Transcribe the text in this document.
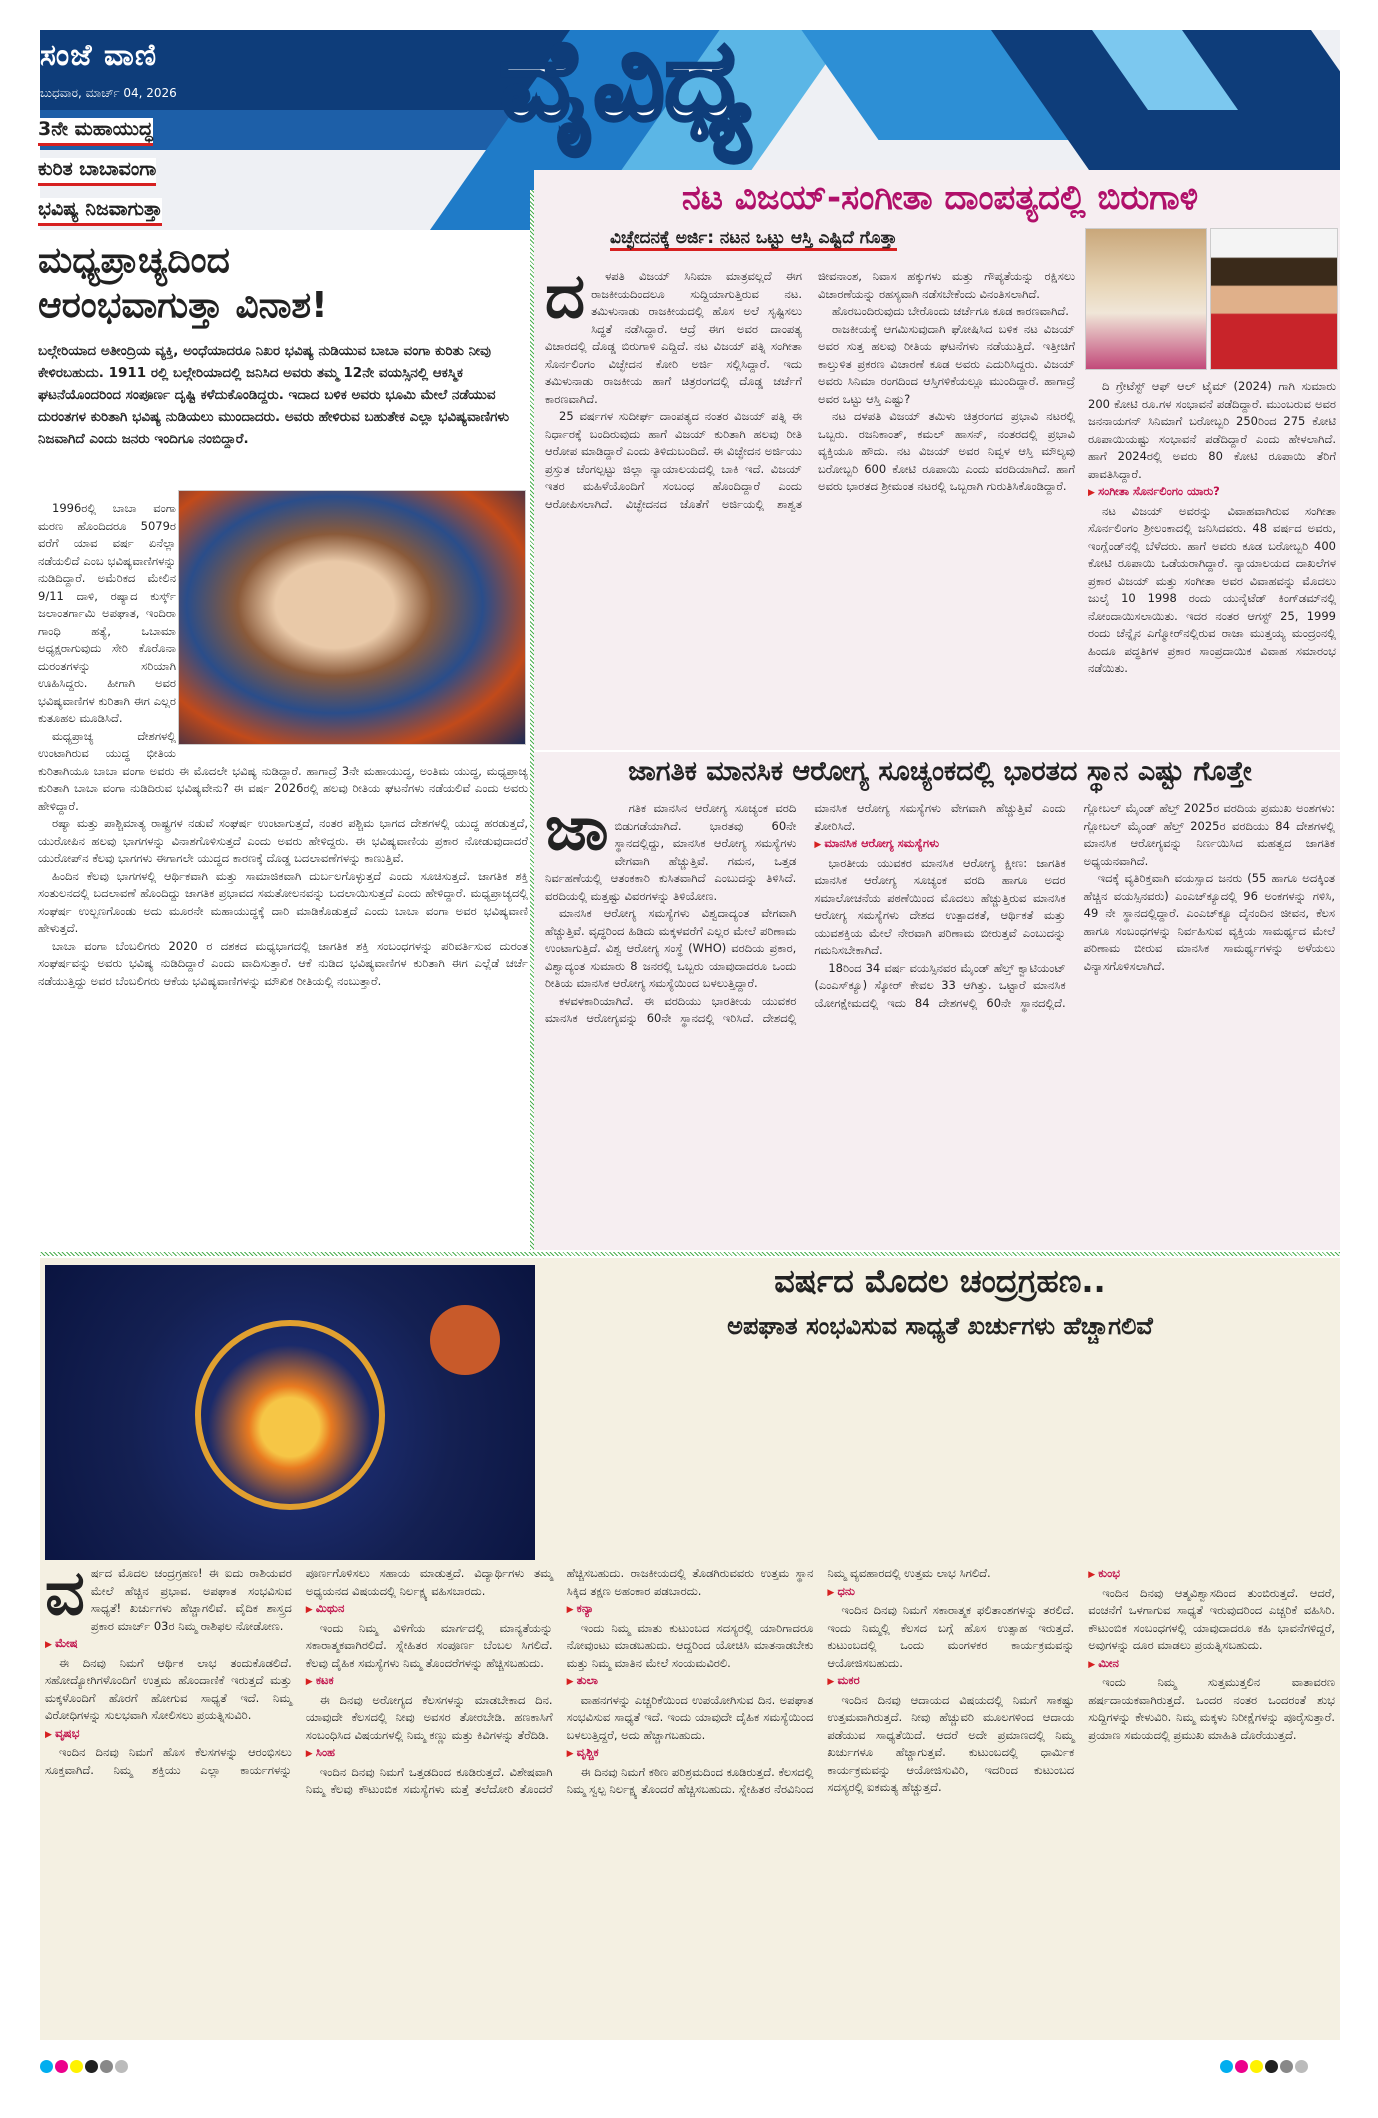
ಸಂಜೆ ವಾಣಿ
ಬುಧವಾರ, ಮಾರ್ಚ್ 04, 2026	ವೈವಿಧ್ಯ
3ನೇ ಮಹಾಯುದ್ಧ
ಕುರಿತ ಬಾಬಾವಂಗಾ
ಭವಿಷ್ಯ ನಿಜವಾಗುತ್ತಾ
ಮಧ್ಯಪ್ರಾಚ್ಯದಿಂದ
ಆರಂಭವಾಗುತ್ತಾ ವಿನಾಶ!
ಬಲ್ಗೇರಿಯಾದ ಅತೀಂದ್ರಿಯ ವ್ಯಕ್ತಿ, ಅಂಧೆಯಾದರೂ ನಿಖರ ಭವಿಷ್ಯ ನುಡಿಯುವ ಬಾಬಾ ವಂಗಾ ಕುರಿತು ನೀವು ಕೇಳಿರಬಹುದು. 1911 ರಲ್ಲಿ ಬಲ್ಗೇರಿಯಾದಲ್ಲಿ ಜನಿಸಿದ ಅವರು ತಮ್ಮ 12ನೇ ವಯಸ್ಸಿನಲ್ಲಿ ಆಕಸ್ಮಿಕ ಘಟನೆಯೊಂದರಿಂದ ಸಂಪೂರ್ಣ ದೃಷ್ಟಿ ಕಳೆದುಕೊಂಡಿದ್ದರು. ಇದಾದ ಬಳಿಕ ಅವರು ಭೂಮಿ ಮೇಲೆ ನಡೆಯುವ ದುರಂತಗಳ ಕುರಿತಾಗಿ ಭವಿಷ್ಯ ನುಡಿಯಲು ಮುಂದಾದರು. ಅವರು ಹೇಳಿರುವ ಬಹುತೇಕ ಎಲ್ಲಾ ಭವಿಷ್ಯವಾಣಿಗಳು ನಿಜವಾಗಿದೆ ಎಂದು ಜನರು ಇಂದಿಗೂ ನಂಬಿದ್ದಾರೆ.

1996ರಲ್ಲಿ ಬಾಬಾ ವಂಗಾ ಮರಣ ಹೊಂದಿದರೂ 5079ರ ವರೆಗೆ ಯಾವ ವರ್ಷ ಏನೆಲ್ಲಾ ನಡೆಯಲಿದೆ ಎಂಬ ಭವಿಷ್ಯವಾಣಿಗಳನ್ನು ನುಡಿದಿದ್ದಾರೆ. ಅಮೆರಿಕದ ಮೇಲಿನ 9/11 ದಾಳಿ, ರಷ್ಯಾದ ಕುರ್ಸ್ಕ್ ಜಲಾಂತರ್ಗಾಮಿ ಅಪಘಾತ, ಇಂದಿರಾ ಗಾಂಧಿ ಹತ್ಯೆ, ಒಬಾಮಾ ಅಧ್ಯಕ್ಷರಾಗುವುದು ಸೇರಿ ಕೊರೊನಾ ದುರಂತಗಳನ್ನು ಸರಿಯಾಗಿ ಊಹಿಸಿದ್ದರು. ಹೀಗಾಗಿ ಅವರ ಭವಿಷ್ಯವಾಣಿಗಳ ಕುರಿತಾಗಿ ಈಗ ಎಲ್ಲರ ಕುತೂಹಲ ಮೂಡಿಸಿದೆ.

ಮಧ್ಯಪ್ರಾಚ್ಯ ದೇಶಗಳಲ್ಲಿ ಉಂಟಾಗಿರುವ ಯುದ್ಧ ಭೀತಿಯ ಕುರಿತಾಗಿಯೂ ಬಾಬಾ ವಂಗಾ ಅವರು ಈ ಮೊದಲೇ ಭವಿಷ್ಯ ನುಡಿದ್ದಾರೆ. ಹಾಗಾದ್ರೆ 3ನೇ ಮಹಾಯುದ್ಧ, ಅಂತಿಮ ಯುದ್ಧ, ಮಧ್ಯಪ್ರಾಚ್ಯ ಕುರಿತಾಗಿ ಬಾಬಾ ವಂಗಾ ನುಡಿದಿರುವ ಭವಿಷ್ಯವೇನು? ಈ ವರ್ಷ 2026ರಲ್ಲಿ ಹಲವು ರೀತಿಯ ಘಟನೆಗಳು ನಡೆಯಲಿವೆ ಎಂದು ಅವರು ಹೇಳಿದ್ದಾರೆ.

ರಷ್ಯಾ ಮತ್ತು ಪಾಶ್ಚಿಮಾತ್ಯ ರಾಷ್ಟ್ರಗಳ ನಡುವೆ ಸಂಘರ್ಷ ಉಂಟಾಗುತ್ತದೆ, ನಂತರ ಪಶ್ಚಿಮ ಭಾಗದ ದೇಶಗಳಲ್ಲಿ ಯುದ್ಧ ಹರಡುತ್ತದೆ, ಯುರೋಪಿನ ಹಲವು ಭಾಗಗಳನ್ನು ವಿನಾಶಗೊಳಿಸುತ್ತದೆ ಎಂದು ಅವರು ಹೇಳಿದ್ದರು. ಈ ಭವಿಷ್ಯವಾಣಿಯ ಪ್ರಕಾರ ನೋಡುವುದಾದರೆ ಯುರೋಪ್‌ನ ಕೆಲವು ಭಾಗಗಳು ಈಗಾಗಲೇ ಯುದ್ಧದ ಕಾರಣಕ್ಕೆ ದೊಡ್ಡ ಬದಲಾವಣೆಗಳನ್ನು ಕಾಣುತ್ತಿವೆ.

ಹಿಂದಿನ ಕೆಲವು ಭಾಗಗಳಲ್ಲಿ ಆರ್ಥಿಕವಾಗಿ ಮತ್ತು ಸಾಮಾಜಿಕವಾಗಿ ದುರ್ಬಲಗೊಳ್ಳುತ್ತದೆ ಎಂದು ಸೂಚಿಸುತ್ತದೆ. ಜಾಗತಿಕ ಶಕ್ತಿ ಸಂತುಲನದಲ್ಲಿ ಬದಲಾವಣೆ ಹೊಂದಿದ್ದು ಜಾಗತಿಕ ಪ್ರಭಾವದ ಸಮತೋಲನವನ್ನು ಬದಲಾಯಿಸುತ್ತದೆ ಎಂದು ಹೇಳಿದ್ದಾರೆ. ಮಧ್ಯಪ್ರಾಚ್ಯದಲ್ಲಿ ಸಂಘರ್ಷ ಉಲ್ಬಣಗೊಂಡು ಅದು ಮೂರನೇ ಮಹಾಯುದ್ಧಕ್ಕೆ ದಾರಿ ಮಾಡಿಕೊಡುತ್ತದೆ ಎಂದು ಬಾಬಾ ವಂಗಾ ಅವರ ಭವಿಷ್ಯವಾಣಿ ಹೇಳುತ್ತದೆ.

ಬಾಬಾ ವಂಗಾ ಬೆಂಬಲಿಗರು 2020 ರ ದಶಕದ ಮಧ್ಯಭಾಗದಲ್ಲಿ ಜಾಗತಿಕ ಶಕ್ತಿ ಸಂಬಂಧಗಳನ್ನು ಪರಿವರ್ತಿಸುವ ದುರಂತ ಸಂಘರ್ಷವನ್ನು ಅವರು ಭವಿಷ್ಯ ನುಡಿದಿದ್ದಾರೆ ಎಂದು ವಾದಿಸುತ್ತಾರೆ. ಆಕೆ ನುಡಿದ ಭವಿಷ್ಯವಾಣಿಗಳ ಕುರಿತಾಗಿ ಈಗ ಎಲ್ಲೆಡೆ ಚರ್ಚೆ ನಡೆಯುತ್ತಿದ್ದು ಅವರ ಬೆಂಬಲಿಗರು ಆಕೆಯ ಭವಿಷ್ಯವಾಣಿಗಳನ್ನು ಮೌಖಿಕ ರೀತಿಯಲ್ಲಿ ನಂಬುತ್ತಾರೆ.

ನಟ ವಿಜಯ್-ಸಂಗೀತಾ ದಾಂಪತ್ಯದಲ್ಲಿ ಬಿರುಗಾಳಿ
ವಿಚ್ಛೇದನಕ್ಕೆ ಅರ್ಜಿ: ನಟನ ಒಟ್ಟು ಆಸ್ತಿ ಎಷ್ಟಿದೆ ಗೊತ್ತಾ
ದ	ಳಪತಿ ವಿಜಯ್ ಸಿನಿಮಾ ಮಾತ್ರವಲ್ಲದೆ ಈಗ ರಾಜಕೀಯದಿಂದಲೂ ಸುದ್ದಿಯಾಗುತ್ತಿರುವ ನಟ. ತಮಿಳುನಾಡು ರಾಜಕೀಯದಲ್ಲಿ ಹೊಸ ಅಲೆ ಸೃಷ್ಟಿಸಲು ಸಿದ್ಧತೆ ನಡೆಸಿದ್ದಾರೆ. ಆದ್ರೆ ಈಗ ಅವರ ದಾಂಪತ್ಯ ವಿಚಾರದಲ್ಲಿ ದೊಡ್ಡ ಬಿರುಗಾಳಿ ಎದ್ದಿದೆ. ನಟ ವಿಜಯ್ ಪತ್ನಿ ಸಂಗೀತಾ ಸೊರ್ನಲಿಂಗಂ ವಿಚ್ಛೇದನ ಕೋರಿ ಅರ್ಜಿ ಸಲ್ಲಿಸಿದ್ದಾರೆ. ಇದು ತಮಿಳುನಾಡು ರಾಜಕೀಯ ಹಾಗೆ ಚಿತ್ರರಂಗದಲ್ಲಿ ದೊಡ್ಡ ಚರ್ಚೆಗೆ ಕಾರಣವಾಗಿದೆ.

25 ವರ್ಷಗಳ ಸುದೀರ್ಘ ದಾಂಪತ್ಯದ ನಂತರ ವಿಜಯ್ ಪತ್ನಿ ಈ ನಿರ್ಧಾರಕ್ಕೆ ಬಂದಿರುವುದು ಹಾಗೆ ವಿಜಯ್ ಕುರಿತಾಗಿ ಹಲವು ರೀತಿ ಆರೋಪ ಮಾಡಿದ್ದಾರೆ ಎಂದು ತಿಳಿದುಬಂದಿದೆ. ಈ ವಿಚ್ಛೇದನ ಅರ್ಜಿಯು ಪ್ರಸ್ತುತ ಚೆಂಗಲ್ಪಟ್ಟು ಜಿಲ್ಲಾ ನ್ಯಾಯಾಲಯದಲ್ಲಿ ಬಾಕಿ ಇದೆ. ವಿಜಯ್ ಇತರ ಮಹಿಳೆಯೊಂದಿಗೆ ಸಂಬಂಧ ಹೊಂದಿದ್ದಾರೆ ಎಂದು ಆರೋಪಿಸಲಾಗಿದೆ. ವಿಚ್ಛೇದನದ ಜೊತೆಗೆ ಅರ್ಜಿಯಲ್ಲಿ ಶಾಶ್ವತ ಜೀವನಾಂಶ, ನಿವಾಸ ಹಕ್ಕುಗಳು ಮತ್ತು ಗೌಪ್ಯತೆಯನ್ನು ರಕ್ಷಿಸಲು ವಿಚಾರಣೆಯನ್ನು ರಹಸ್ಯವಾಗಿ ನಡೆಸಬೇಕೆಂದು ವಿನಂತಿಸಲಾಗಿದೆ.

ಹೊರಬಂದಿರುವುದು ಬೇರೊಂದು ಚರ್ಚೆಗೂ ಕೂಡ ಕಾರಣವಾಗಿದೆ.

ರಾಜಕೀಯಕ್ಕೆ ಆಗಮಿಸುವುದಾಗಿ ಘೋಷಿಸಿದ ಬಳಿಕ ನಟ ವಿಜಯ್ ಅವರ ಸುತ್ತ ಹಲವು ರೀತಿಯ ಘಟನೆಗಳು ನಡೆಯುತ್ತಿದೆ. ಇತ್ತೀಚಿಗೆ ಕಾಲ್ತುಳಿತ ಪ್ರಕರಣ ವಿಚಾರಣೆ ಕೂಡ ಅವರು ಎದುರಿಸಿದ್ದರು. ವಿಜಯ್ ಅವರು ಸಿನಿಮಾ ರಂಗದಿಂದ ಆಸ್ತಿಗಳಿಕೆಯಲ್ಲೂ ಮುಂದಿದ್ದಾರೆ. ಹಾಗಾದ್ರೆ ಅವರ ಒಟ್ಟು ಆಸ್ತಿ ಎಷ್ಟು?

ನಟ ದಳಪತಿ ವಿಜಯ್ ತಮಿಳು ಚಿತ್ರರಂಗದ ಪ್ರಭಾವಿ ನಟರಲ್ಲಿ ಒಬ್ಬರು. ರಜನಿಕಾಂತ್, ಕಮಲ್ ಹಾಸನ್, ನಂತರದಲ್ಲಿ ಪ್ರಭಾವಿ ವ್ಯಕ್ತಿಯೂ ಹೌದು. ನಟ ವಿಜಯ್ ಅವರ ನಿವ್ವಳ ಆಸ್ತಿ ಮೌಲ್ಯವು ಬರೋಬ್ಬರಿ 600 ಕೋಟಿ ರೂಪಾಯಿ ಎಂದು ವರದಿಯಾಗಿದೆ. ಹಾಗೆ ಅವರು ಭಾರತದ ಶ್ರೀಮಂತ ನಟರಲ್ಲಿ ಒಬ್ಬರಾಗಿ ಗುರುತಿಸಿಕೊಂಡಿದ್ದಾರೆ.

ದಿ ಗ್ರೇಟೆಸ್ಟ್ ಆಫ್ ಆಲ್ ಟೈಮ್ (2024) ಗಾಗಿ ಸುಮಾರು 200 ಕೋಟಿ ರೂ.ಗಳ ಸಂಭಾವನೆ ಪಡೆದಿದ್ದಾರೆ. ಮುಂಬರುವ ಅವರ ಜನನಾಯಗನ್ ಸಿನಿಮಾಗೆ ಬರೋಬ್ಬರಿ 250ರಿಂದ 275 ಕೋಟಿ ರೂಪಾಯಿಯಷ್ಟು ಸಂಭಾವನೆ ಪಡೆದಿದ್ದಾರೆ ಎಂದು ಹೇಳಲಾಗಿದೆ. ಹಾಗೆ 2024ರಲ್ಲಿ ಅವರು 80 ಕೋಟಿ ರೂಪಾಯಿ ತೆರಿಗೆ ಪಾವತಿಸಿದ್ದಾರೆ.

▶ ಸಂಗೀತಾ ಸೊರ್ನಲಿಂಗಂ ಯಾರು?

ನಟ ವಿಜಯ್ ಅವರನ್ನು ವಿವಾಹವಾಗಿರುವ ಸಂಗೀತಾ ಸೊರ್ನಲಿಂಗಂ ಶ್ರೀಲಂಕಾದಲ್ಲಿ ಜನಿಸಿದವರು. 48 ವರ್ಷದ ಅವರು, ಇಂಗ್ಲೆಂಡ್‌ನಲ್ಲಿ ಬೆಳೆದರು. ಹಾಗೆ ಅವರು ಕೂಡ ಬರೋಬ್ಬರಿ 400 ಕೋಟಿ ರೂಪಾಯಿ ಒಡೆಯರಾಗಿದ್ದಾರೆ. ನ್ಯಾಯಾಲಯದ ದಾಖಲೆಗಳ ಪ್ರಕಾರ ವಿಜಯ್ ಮತ್ತು ಸಂಗೀತಾ ಅವರ ವಿವಾಹವನ್ನು ಮೊದಲು ಜುಲೈ 10 1998 ರಂದು ಯುನೈಟೆಡ್ ಕಿಂಗ್‌ಡಮ್‌ನಲ್ಲಿ ನೋಂದಾಯಿಸಲಾಯಿತು. ಇದರ ನಂತರ ಆಗಸ್ಟ್ 25, 1999 ರಂದು ಚೆನ್ನೈನ ಎಗ್ಮೋರ್‌ನಲ್ಲಿರುವ ರಾಜಾ ಮುತ್ತಯ್ಯ ಮಂದ್ರಂನಲ್ಲಿ ಹಿಂದೂ ಪದ್ಧತಿಗಳ ಪ್ರಕಾರ ಸಾಂಪ್ರದಾಯಿಕ ವಿವಾಹ ಸಮಾರಂಭ ನಡೆಯಿತು.

ಜಾಗತಿಕ ಮಾನಸಿಕ ಆರೋಗ್ಯ ಸೂಚ್ಯಂಕದಲ್ಲಿ ಭಾರತದ ಸ್ಥಾನ ಎಷ್ಟು ಗೊತ್ತೇ
ಜಾ	ಗತಿಕ ಮಾನಸಿನ ಆರೋಗ್ಯ ಸೂಚ್ಯಂಕ ವರದಿ ಬಿಡುಗಡೆಯಾಗಿದೆ. ಭಾರತವು 60ನೇ ಸ್ಥಾನದಲ್ಲಿದ್ದು, ಮಾನಸಿಕ ಆರೋಗ್ಯ ಸಮಸ್ಯೆಗಳು ವೇಗವಾಗಿ ಹೆಚ್ಚುತ್ತಿವೆ. ಗಮನ, ಒತ್ತಡ ನಿರ್ವಹಣೆಯಲ್ಲಿ ಆತಂಕಕಾರಿ ಕುಸಿತವಾಗಿದೆ ಎಂಬುದನ್ನು ತಿಳಿಸಿದೆ. ವರದಿಯಲ್ಲಿ ಮತ್ತಷ್ಟು ವಿವರಗಳನ್ನು ತಿಳಿಯೋಣ.

ಮಾನಸಿಕ ಆರೋಗ್ಯ ಸಮಸ್ಯೆಗಳು ವಿಶ್ವದಾದ್ಯಂತ ವೇಗವಾಗಿ ಹೆಚ್ಚುತ್ತಿವೆ. ವೃದ್ಧರಿಂದ ಹಿಡಿದು ಮಕ್ಕಳವರೆಗೆ ಎಲ್ಲರ ಮೇಲೆ ಪರಿಣಾಮ ಉಂಟಾಗುತ್ತಿದೆ. ವಿಶ್ವ ಆರೋಗ್ಯ ಸಂಸ್ಥೆ (WHO) ವರದಿಯ ಪ್ರಕಾರ, ವಿಶ್ವಾದ್ಯಂತ ಸುಮಾರು 8 ಜನರಲ್ಲಿ ಒಬ್ಬರು ಯಾವುದಾದರೂ ಒಂದು ರೀತಿಯ ಮಾನಸಿಕ ಆರೋಗ್ಯ ಸಮಸ್ಯೆಯಿಂದ ಬಳಲುತ್ತಿದ್ದಾರೆ.

ಕಳವಳಕಾರಿಯಾಗಿದೆ. ಈ ವರದಿಯು ಭಾರತೀಯ ಯುವಕರ ಮಾನಸಿಕ ಆರೋಗ್ಯವನ್ನು 60ನೇ ಸ್ಥಾನದಲ್ಲಿ ಇರಿಸಿದೆ. ದೇಶದಲ್ಲಿ ಮಾನಸಿಕ ಆರೋಗ್ಯ ಸಮಸ್ಯೆಗಳು ವೇಗವಾಗಿ ಹೆಚ್ಚುತ್ತಿವೆ ಎಂದು ತೋರಿಸಿದೆ.

▶ ಮಾನಸಿಕ ಆರೋಗ್ಯ ಸಮಸ್ಯೆಗಳು

ಭಾರತೀಯ ಯುವಕರ ಮಾನಸಿಕ ಆರೋಗ್ಯ ಕ್ಷೀಣ: ಜಾಗತಿಕ ಮಾನಸಿಕ ಆರೋಗ್ಯ ಸೂಚ್ಯಂಕ ವರದಿ ಹಾಗೂ ಅದರ ಸಮಾಲೋಚನೆಯ ಪಠಣೆಯಿಂದ ಮೊದಲು ಹೆಚ್ಚುತ್ತಿರುವ ಮಾನಸಿಕ ಆರೋಗ್ಯ ಸಮಸ್ಯೆಗಳು ದೇಶದ ಉತ್ಪಾದಕತೆ, ಆರ್ಥಿಕತೆ ಮತ್ತು ಯುವಶಕ್ತಿಯ ಮೇಲೆ ನೇರವಾಗಿ ಪರಿಣಾಮ ಬೀರುತ್ತವೆ ಎಂಬುದನ್ನು ಗಮನಿಸಬೇಕಾಗಿದೆ.

18ರಿಂದ 34 ವರ್ಷ ವಯಸ್ಸಿನವರ ಮೈಂಡ್ ಹೆಲ್ತ್ ಕ್ವಾಟಿಯಂಟ್ (ಎಂಎಸ್‌ಕ್ಯೂ) ಸ್ಕೋರ್ ಕೇವಲ 33 ಆಗಿತ್ತು. ಒಟ್ಟಾರೆ ಮಾನಸಿಕ ಯೋಗಕ್ಷೇಮದಲ್ಲಿ ಇದು 84 ದೇಶಗಳಲ್ಲಿ 60ನೇ ಸ್ಥಾನದಲ್ಲಿದೆ. ಗ್ಲೋಬಲ್ ಮೈಂಡ್ ಹೆಲ್ತ್ 2025ರ ವರದಿಯ ಪ್ರಮುಖ ಅಂಶಗಳು: ಗ್ಲೋಬಲ್ ಮೈಂಡ್ ಹೆಲ್ತ್ 2025ರ ವರದಿಯು 84 ದೇಶಗಳಲ್ಲಿ ಮಾನಸಿಕ ಆರೋಗ್ಯವನ್ನು ನಿರ್ಣಯಿಸಿದ ಮಹತ್ವದ ಜಾಗತಿಕ ಅಧ್ಯಯನವಾಗಿದೆ.

ಇದಕ್ಕೆ ವ್ಯತಿರಿಕ್ತವಾಗಿ ವಯಸ್ಸಾದ ಜನರು (55 ಹಾಗೂ ಅದಕ್ಕಿಂತ ಹೆಚ್ಚಿನ ವಯಸ್ಸಿನವರು) ಎಂಎಚ್‌ಕ್ಯೂದಲ್ಲಿ 96 ಅಂಕಗಳನ್ನು ಗಳಿಸಿ, 49 ನೇ ಸ್ಥಾನದಲ್ಲಿದ್ದಾರೆ. ಎಂಎಚ್‌ಕ್ಯೂ ದೈನಂದಿನ ಜೀವನ, ಕೆಲಸ ಹಾಗೂ ಸಂಬಂಧಗಳನ್ನು ನಿರ್ವಹಿಸುವ ವ್ಯಕ್ತಿಯ ಸಾಮರ್ಥ್ಯದ ಮೇಲೆ ಪರಿಣಾಮ ಬೀರುವ ಮಾನಸಿಕ ಸಾಮರ್ಥ್ಯಗಳನ್ನು ಅಳೆಯಲು ವಿನ್ಯಾಸಗೊಳಿಸಲಾಗಿದೆ.

ವರ್ಷದ ಮೊದಲ ಚಂದ್ರಗ್ರಹಣ..
ಅಪಘಾತ ಸಂಭವಿಸುವ ಸಾಧ್ಯತೆ ಖರ್ಚುಗಳು ಹೆಚ್ಚಾಗಲಿವೆ
ವ ರ್ಷದ ಮೊದಲ ಚಂದ್ರಗ್ರಹಣ! ಈ ಐದು ರಾಶಿಯವರ ಮೇಲೆ ಹೆಚ್ಚಿನ ಪ್ರಭಾವ. ಅಪಘಾತ ಸಂಭವಿಸುವ ಸಾಧ್ಯತೆ! ಖರ್ಚುಗಳು ಹೆಚ್ಚಾಗಲಿವೆ. ವೈದಿಕ ಶಾಸ್ತ್ರದ ಪ್ರಕಾರ ಮಾರ್ಚ್ 03ರ ನಿಮ್ಮ ರಾಶಿಫಲ ನೋಡೋಣ.

▶ ಮೇಷ

ಈ ದಿನವು ನಿಮಗೆ ಆರ್ಥಿಕ ಲಾಭ ತಂದುಕೊಡಲಿದೆ. ಸಹೋದ್ಯೋಗಿಗಳೊಂದಿಗೆ ಉತ್ತಮ ಹೊಂದಾಣಿಕೆ ಇರುತ್ತದೆ ಮತ್ತು ಮಕ್ಕಳೊಂದಿಗೆ ಹೊರಗೆ ಹೋಗುವ ಸಾಧ್ಯತೆ ಇದೆ. ನಿಮ್ಮ ವಿರೋಧಿಗಳನ್ನು ಸುಲಭವಾಗಿ ಸೋಲಿಸಲು ಪ್ರಯತ್ನಿಸುವಿರಿ.

▶ ವೃಷಭ

ಇಂದಿನ ದಿನವು ನಿಮಗೆ ಹೊಸ ಕೆಲಸಗಳನ್ನು ಆರಂಭಿಸಲು ಸೂಕ್ತವಾಗಿದೆ. ನಿಮ್ಮ ಶಕ್ತಿಯು ಎಲ್ಲಾ ಕಾರ್ಯಗಳನ್ನು ಪೂರ್ಣಗೊಳಿಸಲು ಸಹಾಯ ಮಾಡುತ್ತದೆ. ವಿದ್ಯಾರ್ಥಿಗಳು ತಮ್ಮ ಅಧ್ಯಯನದ ವಿಷಯದಲ್ಲಿ ನಿರ್ಲಕ್ಷ್ಯ ವಹಿಸಬಾರದು.

▶ ಮಿಥುನ

ಇಂದು ನಿಮ್ಮ ವಿಳಿಗೆಯ ಮಾರ್ಗದಲ್ಲಿ ಮಾನ್ಯತೆಯನ್ನು ಸಕಾರಾತ್ಮಕವಾಗಿರಲಿದೆ. ಸ್ನೇಹಿತರ ಸಂಪೂರ್ಣ ಬೆಂಬಲ ಸಿಗಲಿದೆ. ಕೆಲವು ದೈಹಿಕ ಸಮಸ್ಯೆಗಳು ನಿಮ್ಮ ತೊಂದರೆಗಳನ್ನು ಹೆಚ್ಚಿಸಬಹುದು.

▶ ಕಟಕ

ಈ ದಿನವು ಅರೋಗ್ಯದ ಕೆಲಸಗಳನ್ನು ಮಾಡಬೇಕಾದ ದಿನ. ಯಾವುದೇ ಕೆಲಸದಲ್ಲಿ ನೀವು ಅವಸರ ತೋರಬೇಡಿ. ಹಣಕಾಸಿಗೆ ಸಂಬಂಧಿಸಿದ ವಿಷಯಗಳಲ್ಲಿ ನಿಮ್ಮ ಕಣ್ಣು ಮತ್ತು ಕಿವಿಗಳನ್ನು ತೆರೆದಿಡಿ.

▶ ಸಿಂಹ

ಇಂದಿನ ದಿನವು ನಿಮಗೆ ಒತ್ತಡದಿಂದ ಕೂಡಿರುತ್ತದೆ. ವಿಶೇಷವಾಗಿ ನಿಮ್ಮ ಕೆಲವು ಕೌಟುಂಬಿಕ ಸಮಸ್ಯೆಗಳು ಮತ್ತೆ ತಲೆದೋರಿ ತೊಂದರೆ ಹೆಚ್ಚಿಸಬಹುದು. ರಾಜಕೀಯದಲ್ಲಿ ತೊಡಗಿರುವವರು ಉತ್ತಮ ಸ್ಥಾನ ಸಿಕ್ಕಿದ ತಕ್ಷಣ ಅಹಂಕಾರ ಪಡಬಾರದು.

▶ ಕನ್ಯಾ

ಇಂದು ನಿಮ್ಮ ಮಾತು ಕುಟುಂಬದ ಸದಸ್ಯರಲ್ಲಿ ಯಾರಿಗಾದರೂ ನೋವುಂಟು ಮಾಡಬಹುದು. ಆದ್ದರಿಂದ ಯೋಚಿಸಿ ಮಾತನಾಡಬೇಕು ಮತ್ತು ನಿಮ್ಮ ಮಾತಿನ ಮೇಲೆ ಸಂಯಮವಿರಲಿ.

▶ ತುಲಾ

ವಾಹನಗಳನ್ನು ಎಚ್ಚರಿಕೆಯಿಂದ ಉಪಯೋಗಿಸುವ ದಿನ. ಅಪಘಾತ ಸಂಭವಿಸುವ ಸಾಧ್ಯತೆ ಇದೆ. ಇಂದು ಯಾವುದೇ ದೈಹಿಕ ಸಮಸ್ಯೆಯಿಂದ ಬಳಲುತ್ತಿದ್ದರೆ, ಅದು ಹೆಚ್ಚಾಗಬಹುದು.

▶ ವೃಶ್ಚಿಕ

ಈ ದಿನವು ನಿಮಗೆ ಕಠಿಣ ಪರಿಶ್ರಮದಿಂದ ಕೂಡಿರುತ್ತದೆ. ಕೆಲಸದಲ್ಲಿ ನಿಮ್ಮ ಸ್ವಲ್ಪ ನಿರ್ಲಕ್ಷ್ಯ ತೊಂದರೆ ಹೆಚ್ಚಿಸಬಹುದು. ಸ್ನೇಹಿತರ ನೆರವಿನಿಂದ ನಿಮ್ಮ ವ್ಯವಹಾರದಲ್ಲಿ ಉತ್ತಮ ಲಾಭ ಸಿಗಲಿದೆ.

▶ ಧನು

ಇಂದಿನ ದಿನವು ನಿಮಗೆ ಸಕಾರಾತ್ಮಕ ಫಲಿತಾಂಶಗಳನ್ನು ತರಲಿದೆ. ಇಂದು ನಿಮ್ಮಲ್ಲಿ ಕೆಲಸದ ಬಗ್ಗೆ ಹೊಸ ಉತ್ಸಾಹ ಇರುತ್ತದೆ. ಕುಟುಂಬದಲ್ಲಿ ಒಂದು ಮಂಗಳಕರ ಕಾರ್ಯಕ್ರಮವನ್ನು ಆಯೋಜಿಸಬಹುದು.

▶ ಮಕರ

ಇಂದಿನ ದಿನವು ಆದಾಯದ ವಿಷಯದಲ್ಲಿ ನಿಮಗೆ ಸಾಕಷ್ಟು ಉತ್ತಮವಾಗಿರುತ್ತದೆ. ನೀವು ಹೆಚ್ಚುವರಿ ಮೂಲಗಳಿಂದ ಆದಾಯ ಪಡೆಯುವ ಸಾಧ್ಯತೆಯಿದೆ. ಆದರೆ ಅದೇ ಪ್ರಮಾಣದಲ್ಲಿ ನಿಮ್ಮ ಖರ್ಚುಗಳೂ ಹೆಚ್ಚಾಗುತ್ತವೆ. ಕುಟುಂಬದಲ್ಲಿ ಧಾರ್ಮಿಕ ಕಾರ್ಯಕ್ರಮವನ್ನು ಆಯೋಜಿಸುವಿರಿ, ಇದರಿಂದ ಕುಟುಂಬದ ಸದಸ್ಯರಲ್ಲಿ ಐಕಮತ್ಯ ಹೆಚ್ಚುತ್ತದೆ.

▶ ಕುಂಭ

ಇಂದಿನ ದಿನವು ಆತ್ಮವಿಶ್ವಾಸದಿಂದ ತುಂಬಿರುತ್ತದೆ. ಆದರೆ, ವಂಚನೆಗೆ ಒಳಗಾಗುವ ಸಾಧ್ಯತೆ ಇರುವುದರಿಂದ ಎಚ್ಚರಿಕೆ ವಹಿಸಿರಿ. ಕೌಟುಂಬಿಕ ಸಂಬಂಧಗಳಲ್ಲಿ ಯಾವುದಾದರೂ ಕಹಿ ಭಾವನೆಗಳಿದ್ದರೆ, ಅವುಗಳನ್ನು ದೂರ ಮಾಡಲು ಪ್ರಯತ್ನಿಸಬಹುದು.

▶ ಮೀನ

ಇಂದು ನಿಮ್ಮ ಸುತ್ತಮುತ್ತಲಿನ ವಾತಾವರಣ ಹರ್ಷದಾಯಕವಾಗಿರುತ್ತದೆ. ಒಂದರ ನಂತರ ಒಂದರಂತೆ ಶುಭ ಸುದ್ದಿಗಳನ್ನು ಕೇಳುವಿರಿ. ನಿಮ್ಮ ಮಕ್ಕಳು ನಿರೀಕ್ಷೆಗಳನ್ನು ಪೂರೈಸುತ್ತಾರೆ. ಪ್ರಯಾಣ ಸಮಯದಲ್ಲಿ ಪ್ರಮುಖ ಮಾಹಿತಿ ದೊರೆಯುತ್ತದೆ.
